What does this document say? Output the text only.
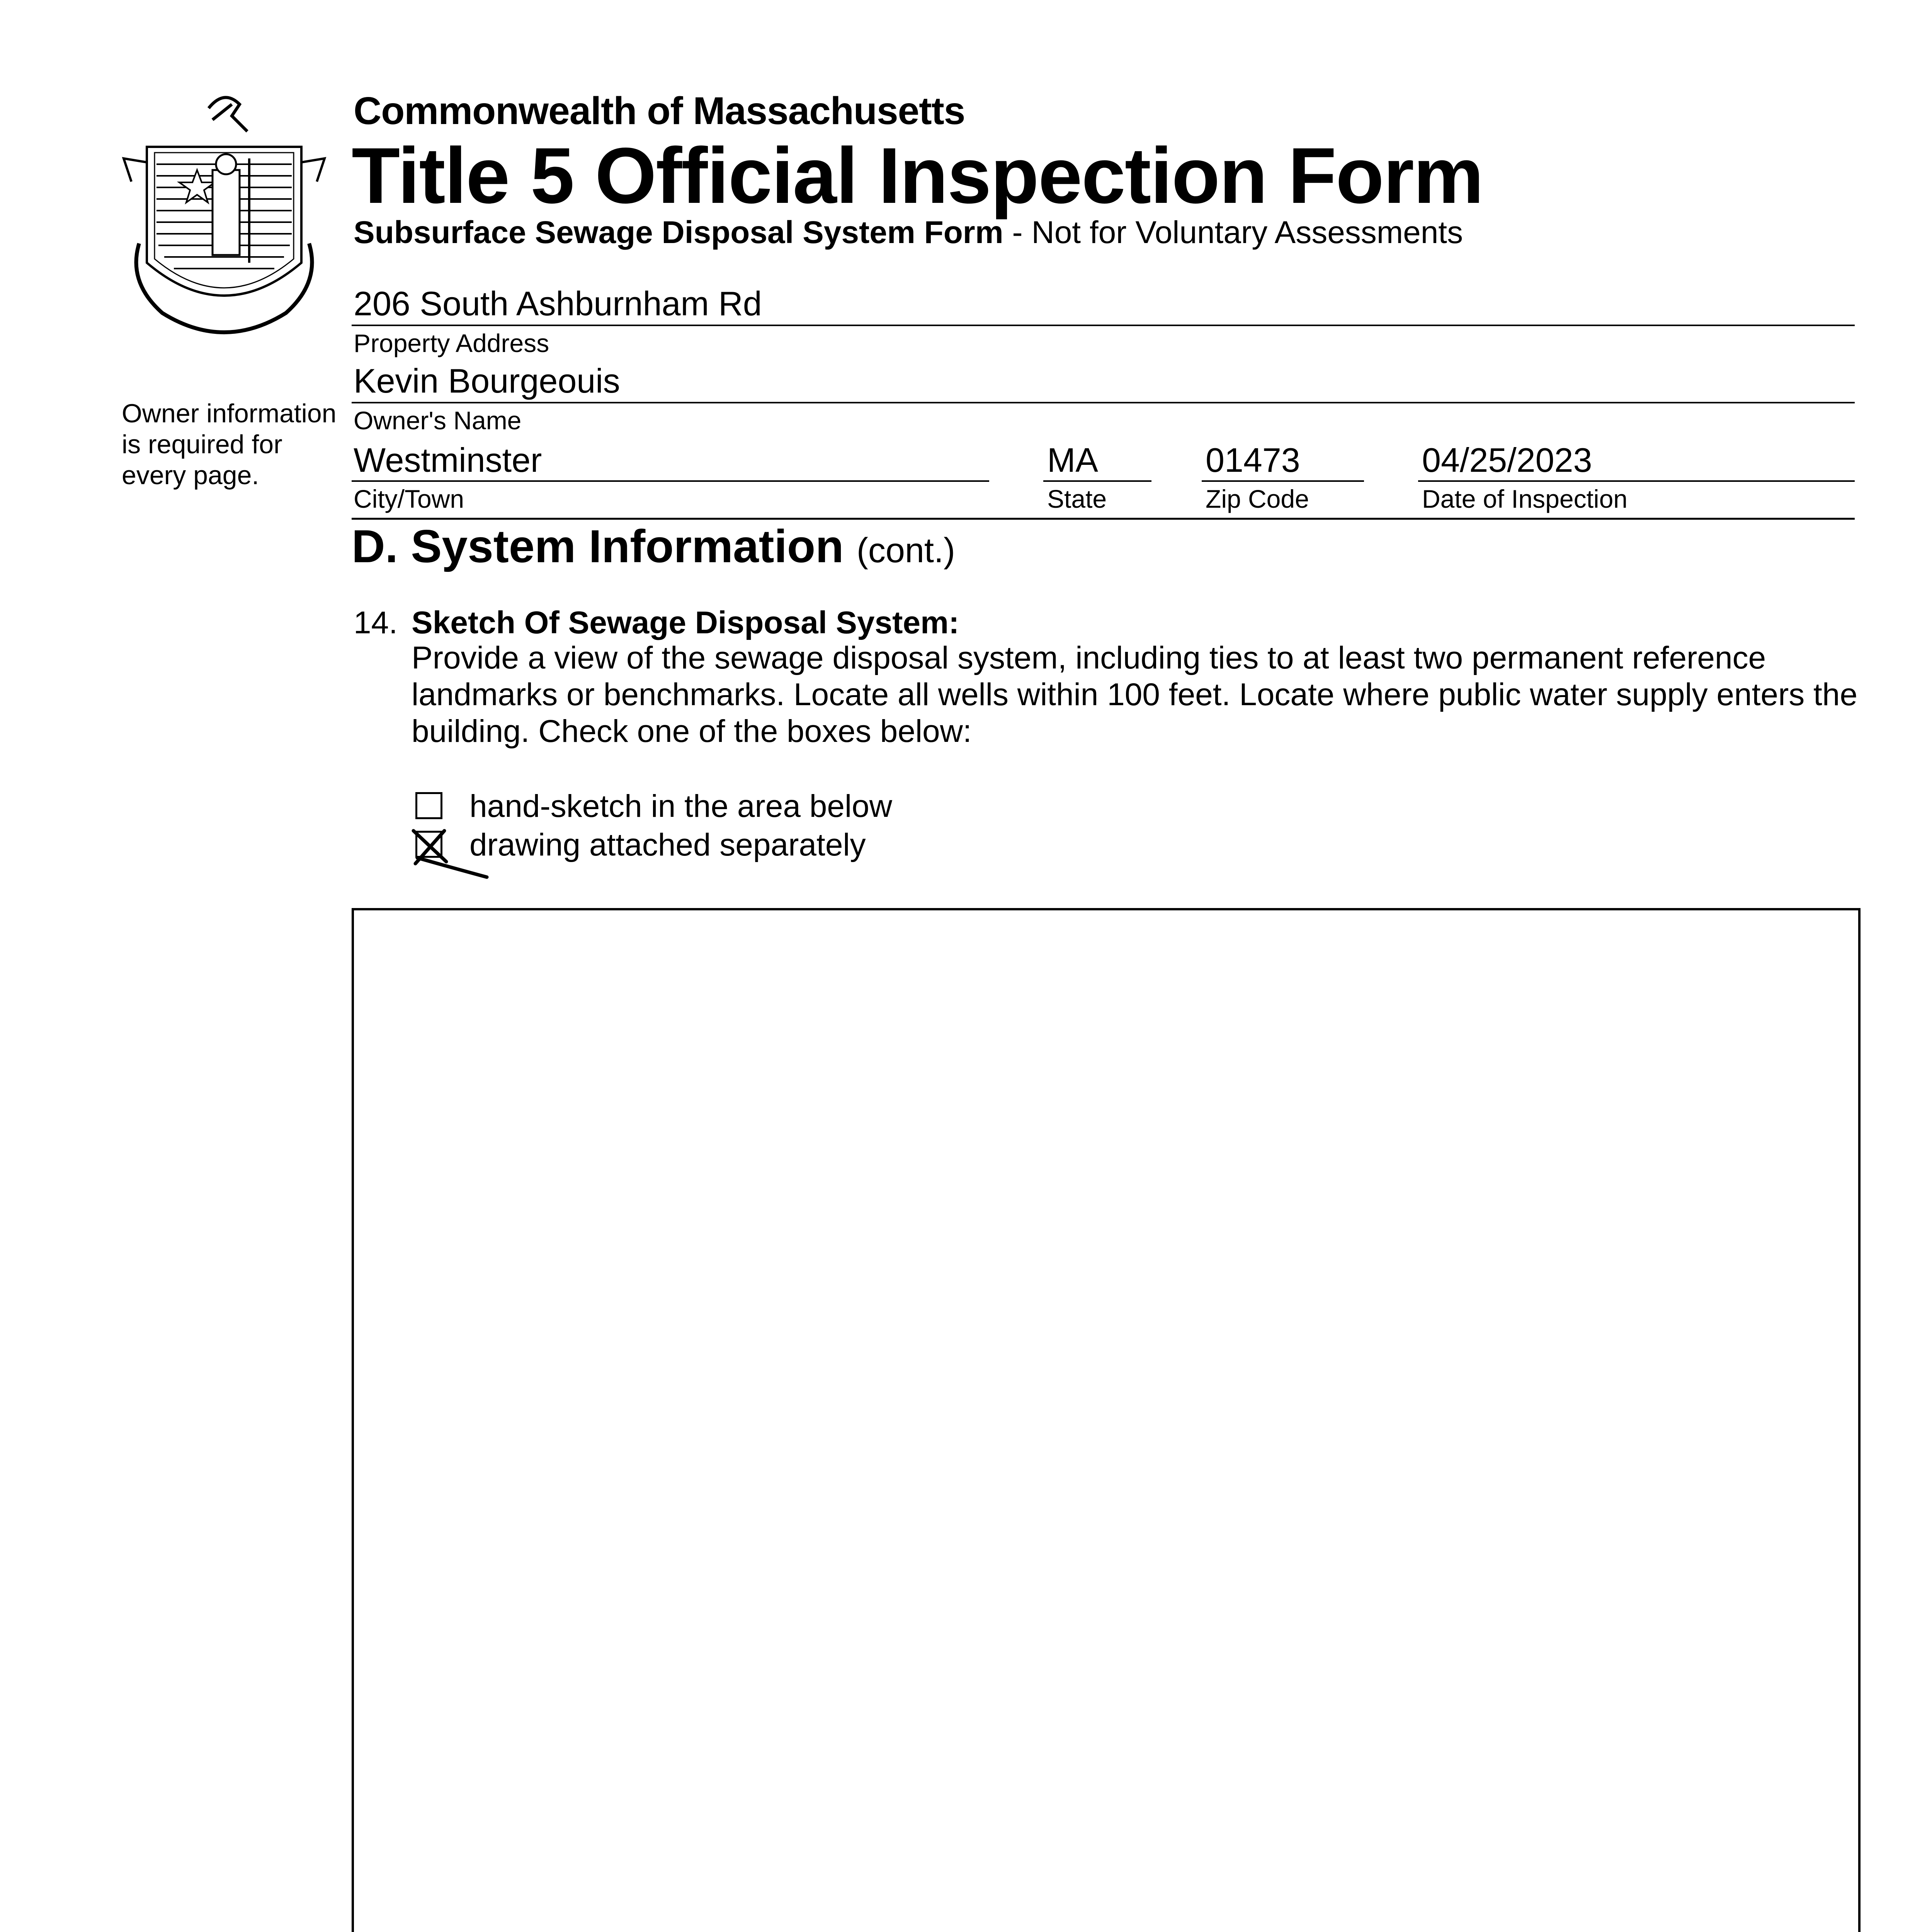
Owner information is required for every page.
Commonwealth of Massachusetts
Title 5 Official Inspection Form
Subsurface Sewage Disposal System Form - Not for Voluntary Assessments
206 South Ashburnham Rd
Property Address
Kevin Bourgeouis
Owner's Name
Westminster
City/Town
MA
State
01473
Zip Code
04/25/2023
Date of Inspection
D. System Information (cont.)
14. Sketch Of Sewage Disposal System:
Provide a view of the sewage disposal system, including ties to at least two permanent reference landmarks or benchmarks. Locate all wells within 100 feet. Locate where public water supply enters the building. Check one of the boxes below:
hand-sketch in the area below
drawing attached separately
